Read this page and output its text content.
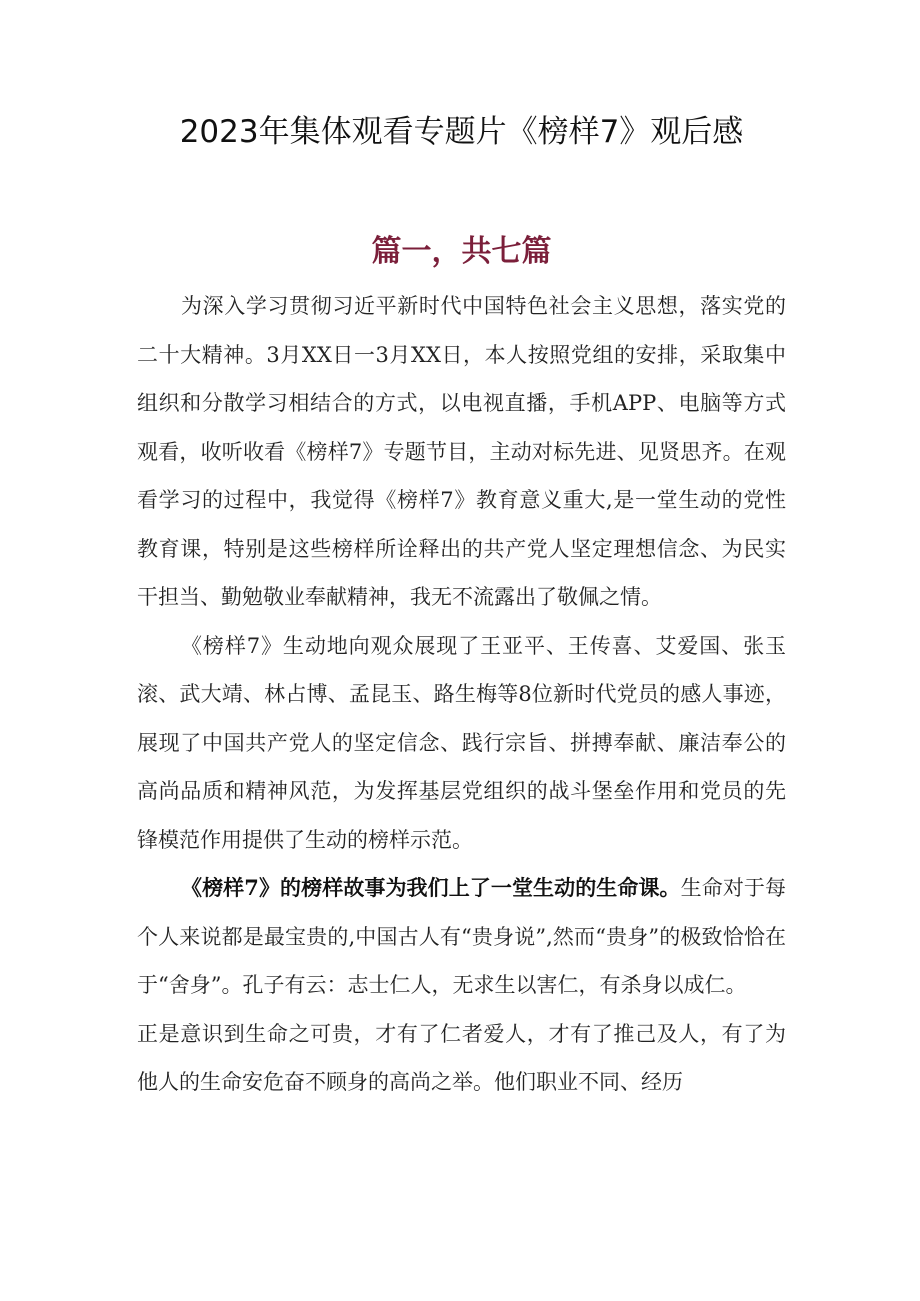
2023年集体观看专题片《榜样7》观后感
篇一，共七篇

为深入学习贯彻习近平新时代中国特色社会主义思想，落实党的二十大精神。3月XX日一3月XX日，本人按照党组的安排，采取集中组织和分散学习相结合的方式，以电视直播，手机APP、电脑等方式观看，收听收看《榜样7》专题节目，主动对标先进、见贤思齐。在观看学习的过程中，我觉得《榜样7》教育意义重大,是一堂生动的党性教育课，特别是这些榜样所诠释出的共产党人坚定理想信念、为民实干担当、勤勉敬业奉献精神，我无不流露出了敬佩之情。

《榜样7》生动地向观众展现了王亚平、王传喜、艾爱国、张玉滚、武大靖、林占博、孟昆玉、路生梅等8位新时代党员的感人事迹，展现了中国共产党人的坚定信念、践行宗旨、拼搏奉献、廉洁奉公的高尚品质和精神风范，为发挥基层党组织的战斗堡垒作用和党员的先锋模范作用提供了生动的榜样示范。

《榜样7》的榜样故事为我们上了一堂生动的生命课。生命对于每个人来说都是最宝贵的,中国古人有“贵身说”,然而“贵身”的极致恰恰在于“舍身”。孔子有云：志士仁人，无求生以害仁，有杀身以成仁。

正是意识到生命之可贵，才有了仁者爱人，才有了推己及人，有了为他人的生命安危奋不顾身的高尚之举。他们职业不同、经历
